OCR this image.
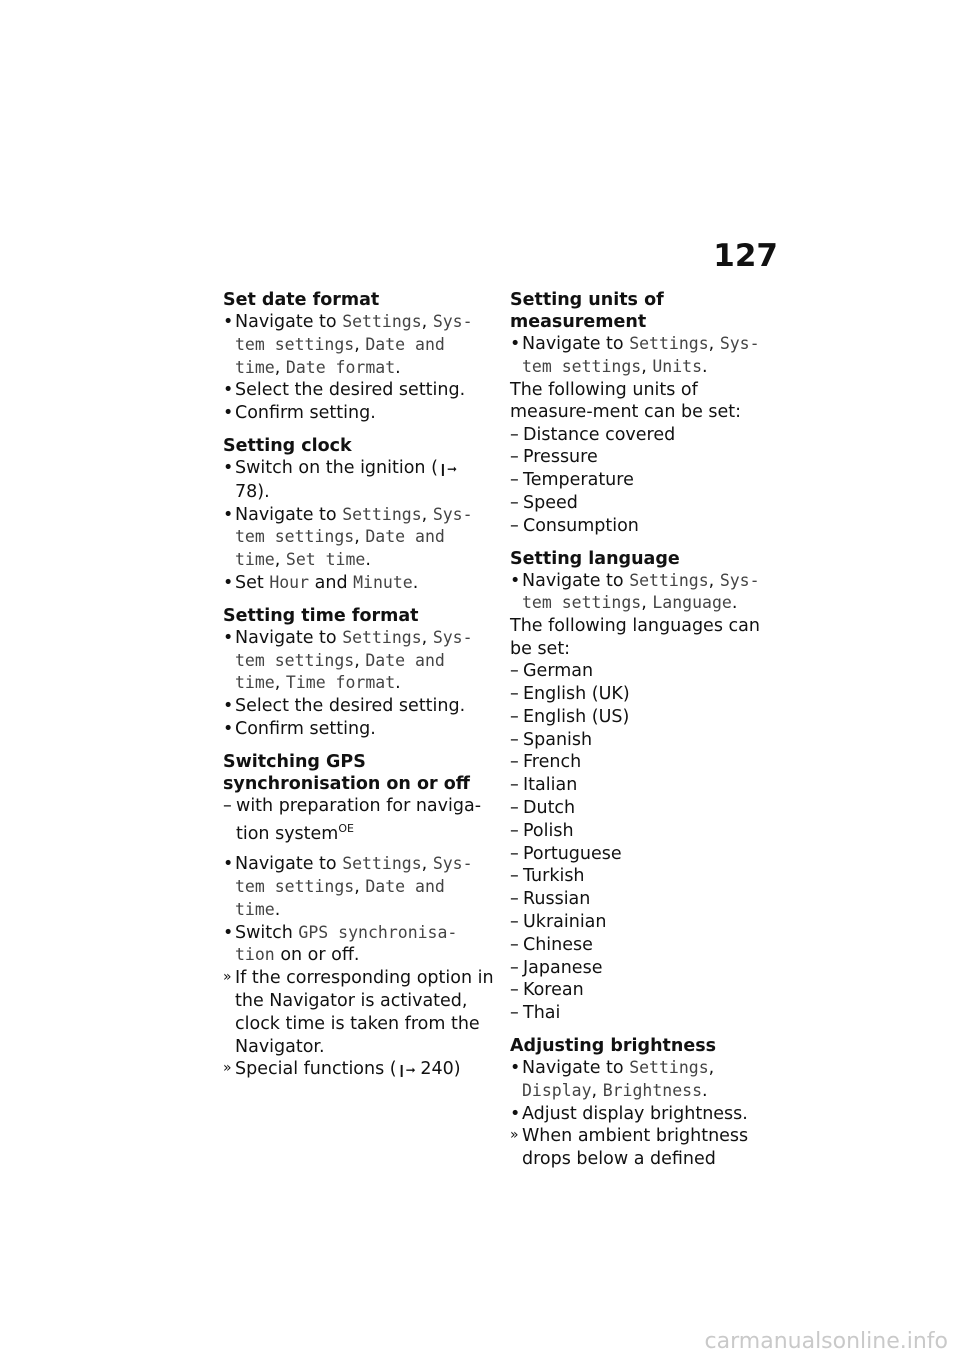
127
Set date format
• Navigate to Settings, Sys-
tem settings, Date and
time, Date format.
• Select the desired setting.
• Confirm setting.
Setting clock
• Switch on the ignition (❙➞ 78).
• Navigate to Settings, Sys-
tem settings, Date and
time, Set time.
• Set Hour and Minute.
Setting time format
• Navigate to Settings, Sys-
tem settings, Date and
time, Time format.
• Select the desired setting.
• Confirm setting.
Switching GPS
synchronisation on or off
– with preparation for naviga-
tion system$^{OE}$
• Navigate to Settings, Sys-
tem settings, Date and
time.
• Switch GPS synchronisa-
tion on or off.
» If the corresponding option in the Navigator is activated, clock time is taken from the Navigator.
» Special functions (❙➞ 240)
Setting units of measurement
• Navigate to Settings, Sys-
tem settings, Units.

The following units of measure-ment can be set:

– Distance covered
– Pressure
– Temperature
– Speed
– Consumption
Setting language
• Navigate to Settings, Sys-
tem settings, Language.

The following languages can be set:

– German
– English (UK)
– English (US)
– Spanish
– French
– Italian
– Dutch
– Polish
– Portuguese
– Turkish
– Russian
– Ukrainian
– Chinese
– Japanese
– Korean
– Thai
Adjusting brightness
• Navigate to Settings,
Display, Brightness.
• Adjust display brightness.
» When ambient brightness drops below a defined
carmanualsonline.info
